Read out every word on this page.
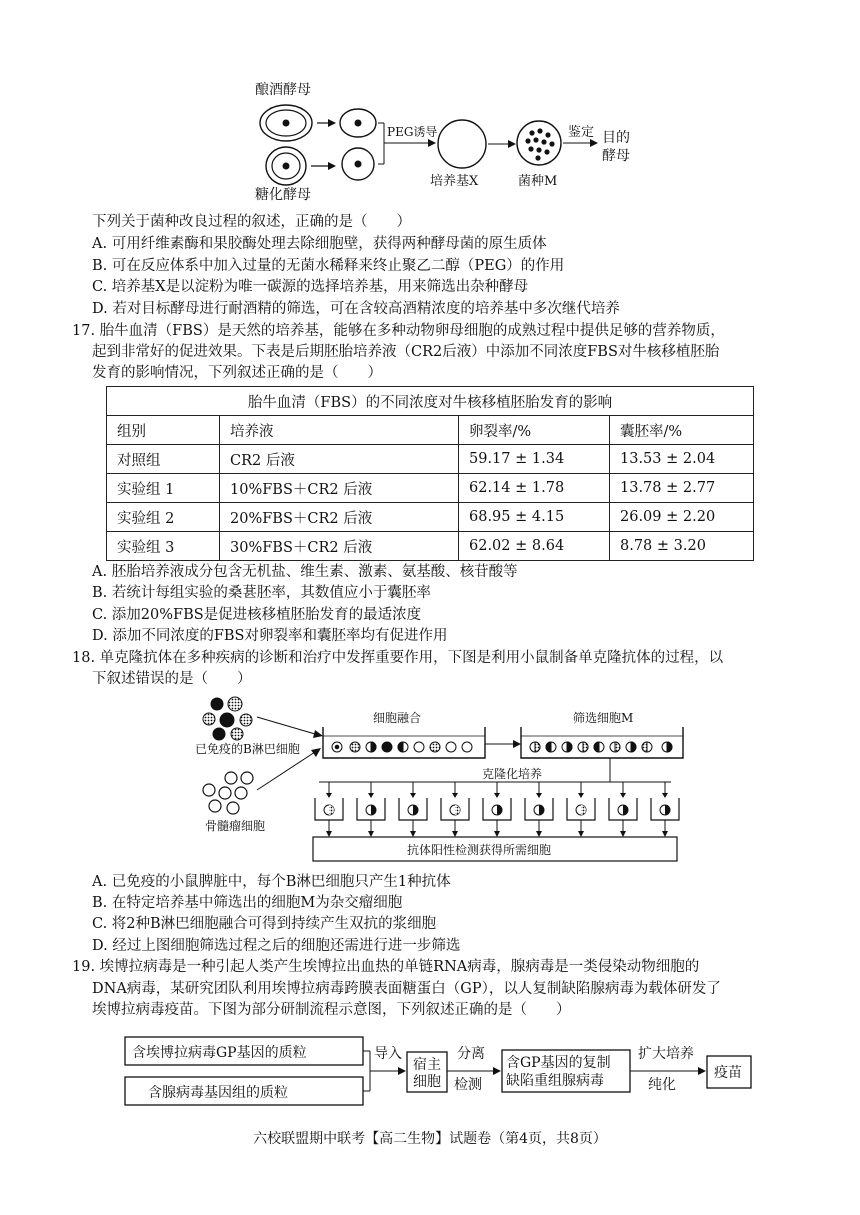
酿酒酵母
糖化酵母
PEG诱导
培养基X	菌种M
鉴定 目的
酵母
下列关于菌种改良过程的叙述，正确的是（　　）
A. 可用纤维素酶和果胶酶处理去除细胞壁，获得两种酵母菌的原生质体
B. 可在反应体系中加入过量的无菌水稀释来终止聚乙二醇（PEG）的作用
C. 培养基X是以淀粉为唯一碳源的选择培养基，用来筛选出杂种酵母
D. 若对目标酵母进行耐酒精的筛选，可在含较高酒精浓度的培养基中多次继代培养
17. 胎牛血清（FBS）是天然的培养基，能够在多种动物卵母细胞的成熟过程中提供足够的营养物质，
起到非常好的促进效果。下表是后期胚胎培养液（CR2后液）中添加不同浓度FBS对牛核移植胚胎
发育的影响情况，下列叙述正确的是（　　）
胎牛血清（FBS）的不同浓度对牛核移植胚胎发育的影响			
组别	培养液	卵裂率/%	囊胚率/%
对照组	CR2 后液	59.17 ± 1.34	13.53 ± 2.04
实验组 1	10%FBS＋CR2 后液	62.14 ± 1.78	13.78 ± 2.77
实验组 2	20%FBS＋CR2 后液	68.95 ± 4.15	26.09 ± 2.20
实验组 3	30%FBS＋CR2 后液	62.02 ± 8.64	8.78 ± 3.20
A. 胚胎培养液成分包含无机盐、维生素、激素、氨基酸、核苷酸等
B. 若统计每组实验的桑葚胚率，其数值应小于囊胚率
C. 添加20%FBS是促进核移植胚胎发育的最适浓度
D. 添加不同浓度的FBS对卵裂率和囊胚率均有促进作用
18. 单克隆抗体在多种疾病的诊断和治疗中发挥重要作用，下图是利用小鼠制备单克隆抗体的过程，以
下叙述错误的是（　　）
已免疫的B淋巴细胞
骨髓瘤细胞
细胞融合	筛选细胞M
克隆化培养
抗体阳性检测获得所需细胞
A. 已免疫的小鼠脾脏中，每个B淋巴细胞只产生1种抗体
B. 在特定培养基中筛选出的细胞M为杂交瘤细胞
C. 将2种B淋巴细胞融合可得到持续产生双抗的浆细胞
D. 经过上图细胞筛选过程之后的细胞还需进行进一步筛选
19. 埃博拉病毒是一种引起人类产生埃博拉出血热的单链RNA病毒，腺病毒是一类侵染动物细胞的
DNA病毒，某研究团队利用埃博拉病毒跨膜表面糖蛋白（GP），以人复制缺陷腺病毒为载体研发了
埃博拉病毒疫苗。下图为部分研制流程示意图，下列叙述正确的是（　　）
含埃博拉病毒GP基因的质粒
含腺病毒基因组的质粒
导入
宿主
细胞
分离
检测
含GP基因的复制
缺陷重组腺病毒
扩大培养
纯化
疫苗
六校联盟期中联考【高二生物】试题卷（第4页，共8页）
